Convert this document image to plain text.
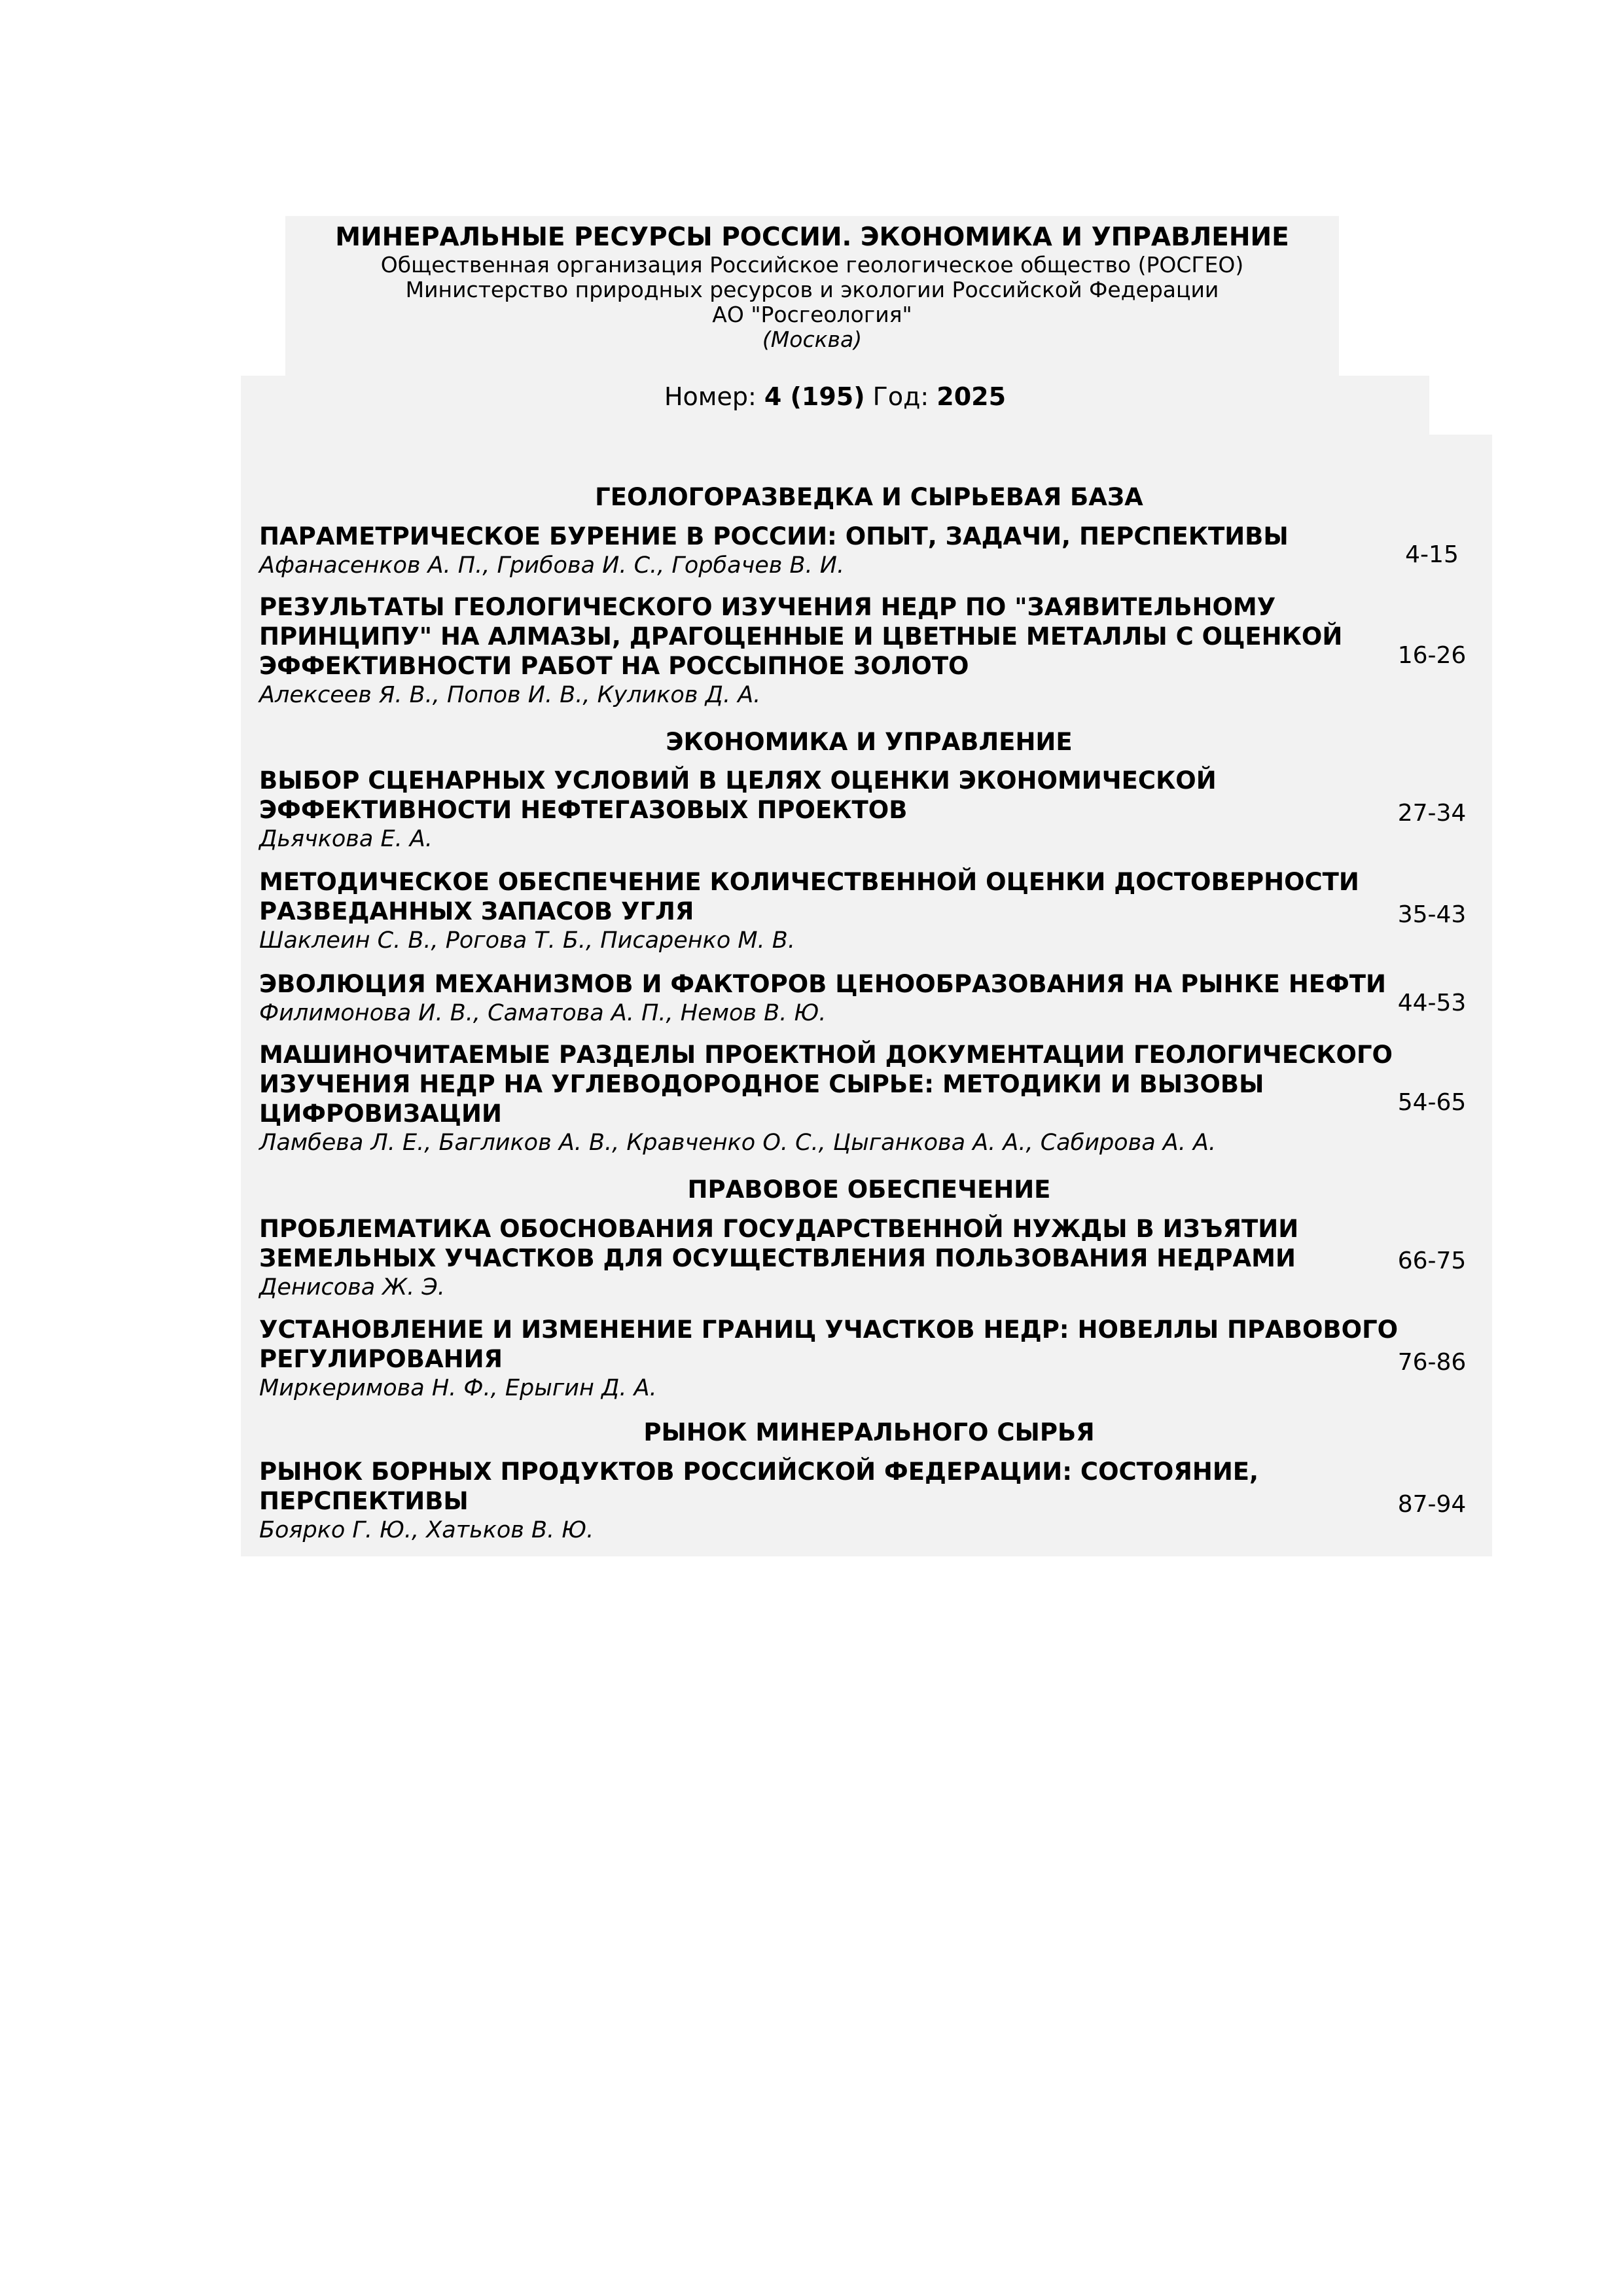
МИНЕРАЛЬНЫЕ РЕСУРСЫ РОССИИ. ЭКОНОМИКА И УПРАВЛЕНИЕ
Общественная организация Российское геологическое общество (РОСГЕО)
Министерство природных ресурсов и экологии Российской Федерации
АО "Росгеология"
(Москва)
Номер: 4 (195) Год: 2025
ГЕОЛОГОРАЗВЕДКА И СЫРЬЕВАЯ БАЗА
ПАРАМЕТРИЧЕСКОЕ БУРЕНИЕ В РОССИИ: ОПЫТ, ЗАДАЧИ, ПЕРСПЕКТИВЫ
Афанасенков А. П., Грибова И. С., Горбачев В. И.	4-15
РЕЗУЛЬТАТЫ ГЕОЛОГИЧЕСКОГО ИЗУЧЕНИЯ НЕДР ПО "ЗАЯВИТЕЛЬНОМУ
ПРИНЦИПУ" НА АЛМАЗЫ, ДРАГОЦЕННЫЕ И ЦВЕТНЫЕ МЕТАЛЛЫ С ОЦЕНКОЙ
ЭФФЕКТИВНОСТИ РАБОТ НА РОССЫПНОЕ ЗОЛОТО
Алексеев Я. В., Попов И. В., Куликов Д. А.
16-26
ЭКОНОМИКА И УПРАВЛЕНИЕ
ВЫБОР СЦЕНАРНЫХ УСЛОВИЙ В ЦЕЛЯХ ОЦЕНКИ ЭКОНОМИЧЕСКОЙ
ЭФФЕКТИВНОСТИ НЕФТЕГАЗОВЫХ ПРОЕКТОВ
Дьячкова Е. А.
27-34
МЕТОДИЧЕСКОЕ ОБЕСПЕЧЕНИЕ КОЛИЧЕСТВЕННОЙ ОЦЕНКИ ДОСТОВЕРНОСТИ
РАЗВЕДАННЫХ ЗАПАСОВ УГЛЯ
Шаклеин С. В., Рогова Т. Б., Писаренко М. В.
35-43
ЭВОЛЮЦИЯ МЕХАНИЗМОВ И ФАКТОРОВ ЦЕНООБРАЗОВАНИЯ НА РЫНКЕ НЕФТИ
Филимонова И. В., Саматова А. П., Немов В. Ю.	44-53
МАШИНОЧИТАЕМЫЕ РАЗДЕЛЫ ПРОЕКТНОЙ ДОКУМЕНТАЦИИ ГЕОЛОГИЧЕСКОГО
ИЗУЧЕНИЯ НЕДР НА УГЛЕВОДОРОДНОЕ СЫРЬЕ: МЕТОДИКИ И ВЫЗОВЫ
ЦИФРОВИЗАЦИИ
Ламбева Л. Е., Багликов А. В., Кравченко О. С., Цыганкова А. А., Сабирова А. А.
54-65
ПРАВОВОЕ ОБЕСПЕЧЕНИЕ
ПРОБЛЕМАТИКА ОБОСНОВАНИЯ ГОСУДАРСТВЕННОЙ НУЖДЫ В ИЗЪЯТИИ
ЗЕМЕЛЬНЫХ УЧАСТКОВ ДЛЯ ОСУЩЕСТВЛЕНИЯ ПОЛЬЗОВАНИЯ НЕДРАМИ
Денисова Ж. Э.
66-75
УСТАНОВЛЕНИЕ И ИЗМЕНЕНИЕ ГРАНИЦ УЧАСТКОВ НЕДР: НОВЕЛЛЫ ПРАВОВОГО
РЕГУЛИРОВАНИЯ
Миркеримова Н. Ф., Ерыгин Д. А.
76-86
РЫНОК МИНЕРАЛЬНОГО СЫРЬЯ
РЫНОК БОРНЫХ ПРОДУКТОВ РОССИЙСКОЙ ФЕДЕРАЦИИ: СОСТОЯНИЕ,
ПЕРСПЕКТИВЫ
Боярко Г. Ю., Хатьков В. Ю.
87-94
